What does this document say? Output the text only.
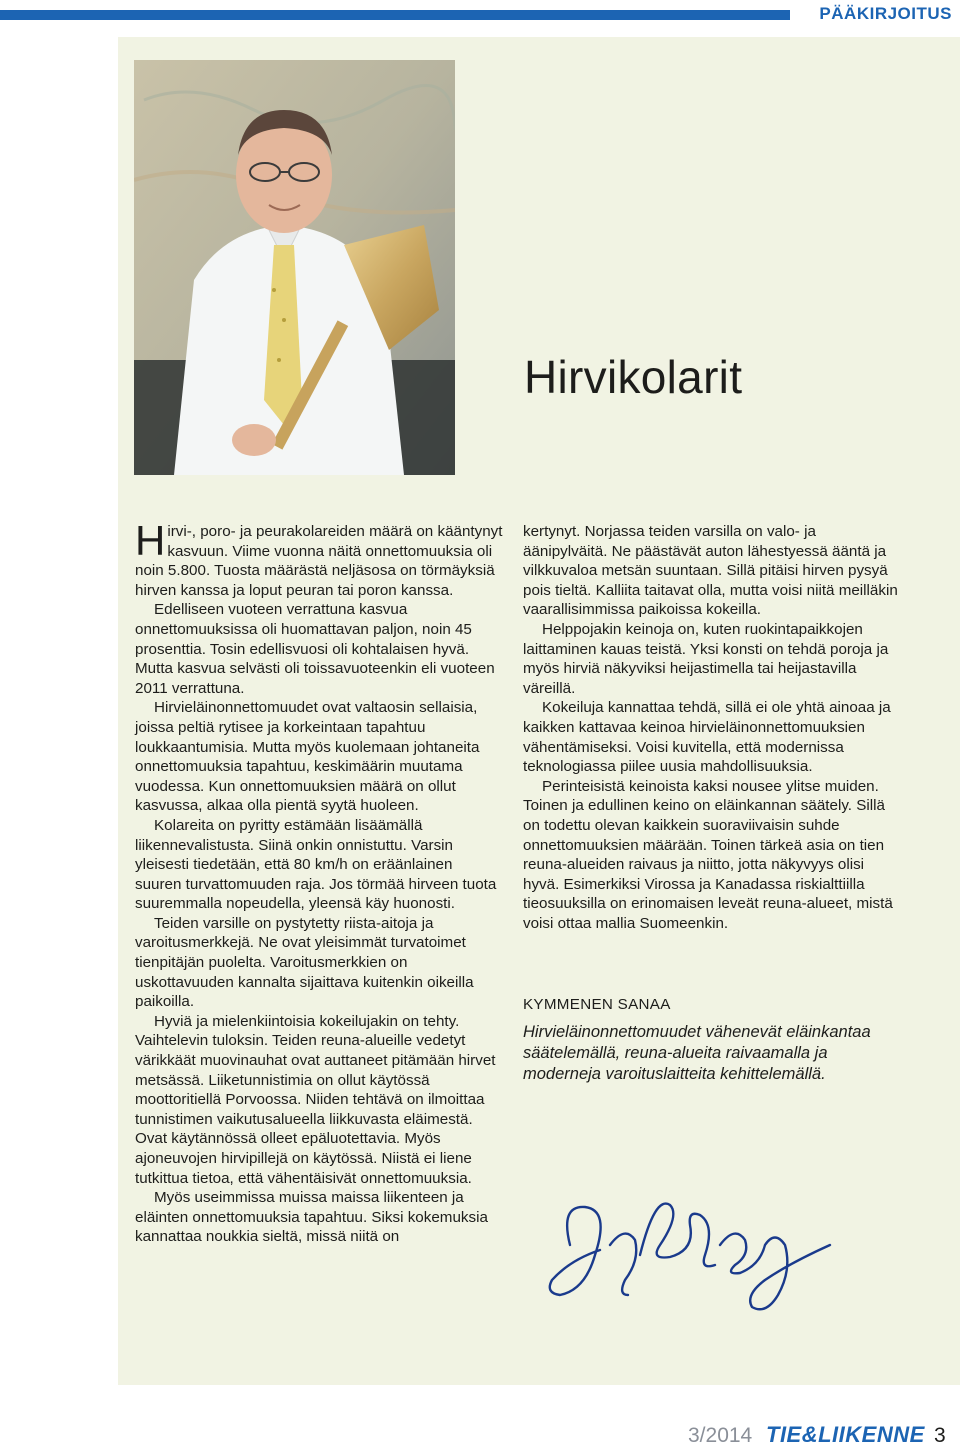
PÄÄKIRJOITUS
Hirvikolarit

Hirvi-, poro- ja peurakolareiden määrä on kääntynyt kasvuun. Viime vuonna näitä onnettomuuksia oli noin 5.800. Tuosta määrästä neljäsosa on törmäyksiä hirven kanssa ja loput peuran tai poron kanssa.

Edelliseen vuoteen verrattuna kasvua onnettomuuksissa oli huomattavan paljon, noin 45 prosenttia. Tosin edellisvuosi oli kohtalaisen hyvä. Mutta kasvua selvästi oli toissavuoteenkin eli vuoteen 2011 verrattuna.

Hirvieläinonnettomuudet ovat valtaosin sellaisia, joissa peltiä rytisee ja korkeintaan tapahtuu loukkaantumisia. Mutta myös kuolemaan johtaneita onnettomuuksia tapahtuu, keskimäärin muutama vuodessa. Kun onnettomuuksien määrä on ollut kasvussa, alkaa olla pientä syytä huoleen.

Kolareita on pyritty estämään lisäämällä liikennevalistusta. Siinä onkin onnistuttu. Varsin yleisesti tiedetään, että 80 km/h on eräänlainen suuren turvattomuuden raja. Jos törmää hirveen tuota suuremmalla nopeudella, yleensä käy huonosti.

Teiden varsille on pystytetty riista-aitoja ja varoitusmerkkejä. Ne ovat yleisimmät turvatoimet tienpitäjän puolelta. Varoitusmerkkien on uskottavuuden kannalta sijaittava kuitenkin oikeilla paikoilla.

Hyviä ja mielenkiintoisia kokeilujakin on tehty. Vaihtelevin tuloksin. Teiden reuna-alueille vedetyt värikkäät muovinauhat ovat auttaneet pitämään hirvet metsässä. Liiketunnistimia on ollut käytössä moottoritiellä Porvoossa. Niiden tehtävä on ilmoittaa tunnistimen vaikutusalueella liikkuvasta eläimestä. Ovat käytännössä olleet epäluotettavia. Myös ajoneuvojen hirvipillejä on käytössä. Niistä ei liene tutkittua tietoa, että vähentäisivät onnettomuuksia.

Myös useimmissa muissa maissa liikenteen ja eläinten onnettomuuksia tapahtuu. Siksi kokemuksia kannattaa noukkia sieltä, missä niitä on

kertynyt. Norjassa teiden varsilla on valo- ja äänipylväitä. Ne päästävät auton lähestyessä ääntä ja vilkkuvaloa metsän suuntaan. Sillä pitäisi hirven pysyä pois tieltä. Kalliita taitavat olla, mutta voisi niitä meilläkin vaarallisimmissa paikoissa kokeilla.

Helppojakin keinoja on, kuten ruokintapaikkojen laittaminen kauas teistä. Yksi konsti on tehdä poroja ja myös hirviä näkyviksi heijastimella tai heijastavilla väreillä.

Kokeiluja kannattaa tehdä, sillä ei ole yhtä ainoaa ja kaikken kattavaa keinoa hirvieläinonnettomuuksien vähentämiseksi. Voisi kuvitella, että modernissa teknologiassa piilee uusia mahdollisuuksia.

Perinteisistä keinoista kaksi nousee ylitse muiden. Toinen ja edullinen keino on eläinkannan säätely. Sillä on todettu olevan kaikkein suoraviivaisin suhde onnettomuuksien määrään. Toinen tärkeä asia on tien reuna-alueiden raivaus ja niitto, jotta näkyvyys olisi hyvä. Esimerkiksi Virossa ja Kanadassa riskialttiilla tieosuuksilla on erinomaisen leveät reuna-alueet, mistä voisi ottaa mallia Suomeenkin.

KYMMENEN SANAA
Hirvieläinonnettomuudet vähenevät eläinkantaa säätelemällä, reuna-alueita raivaamalla ja moderneja varoituslaitteita kehittelemällä.
3/2014 TIE&LIIKENNE 3
